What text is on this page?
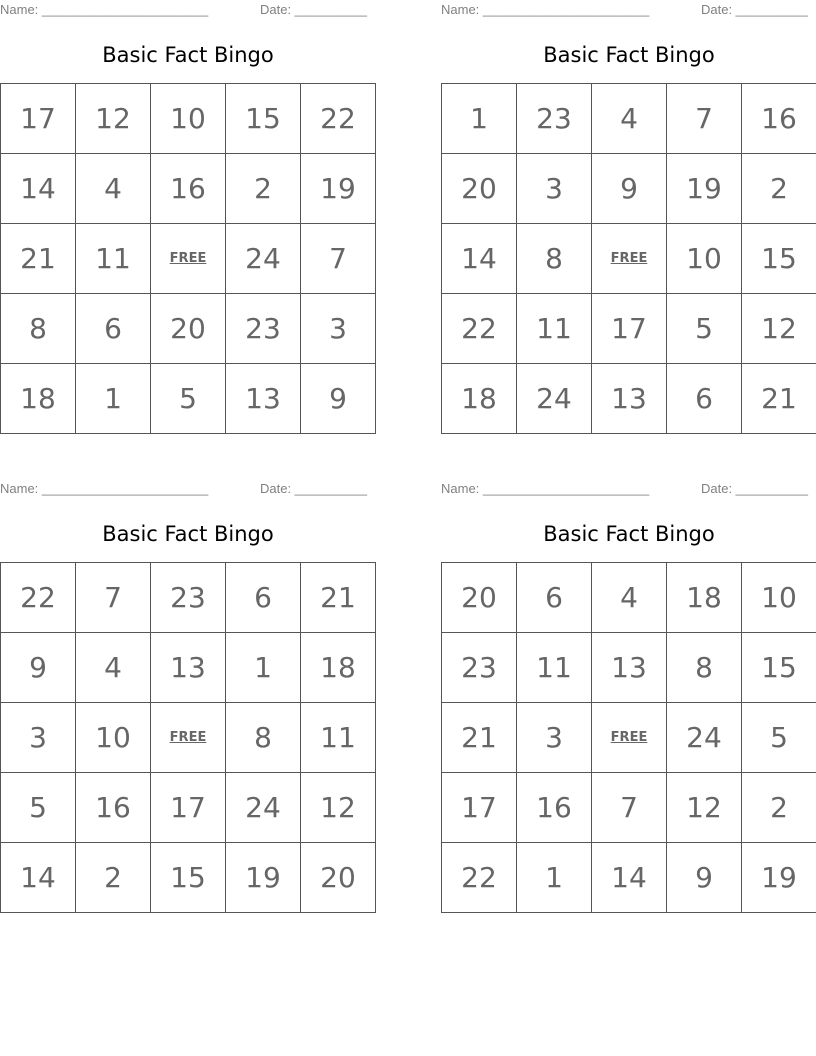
Name: _______________________	Date: __________
Basic Fact Bingo
17	12	10	15	22
14	4	16	2	19
21	11	FREE	24	7
8	6	20	23	3
18	1	5	13	9
Name: _______________________	Date: __________
Basic Fact Bingo
1	23	4	7	16
20	3	9	19	2
14	8	FREE	10	15
22	11	17	5	12
18	24	13	6	21
Name: _______________________	Date: __________
Basic Fact Bingo
22	7	23	6	21
9	4	13	1	18
3	10	FREE	8	11
5	16	17	24	12
14	2	15	19	20
Name: _______________________	Date: __________
Basic Fact Bingo
20	6	4	18	10
23	11	13	8	15
21	3	FREE	24	5
17	16	7	12	2
22	1	14	9	19
